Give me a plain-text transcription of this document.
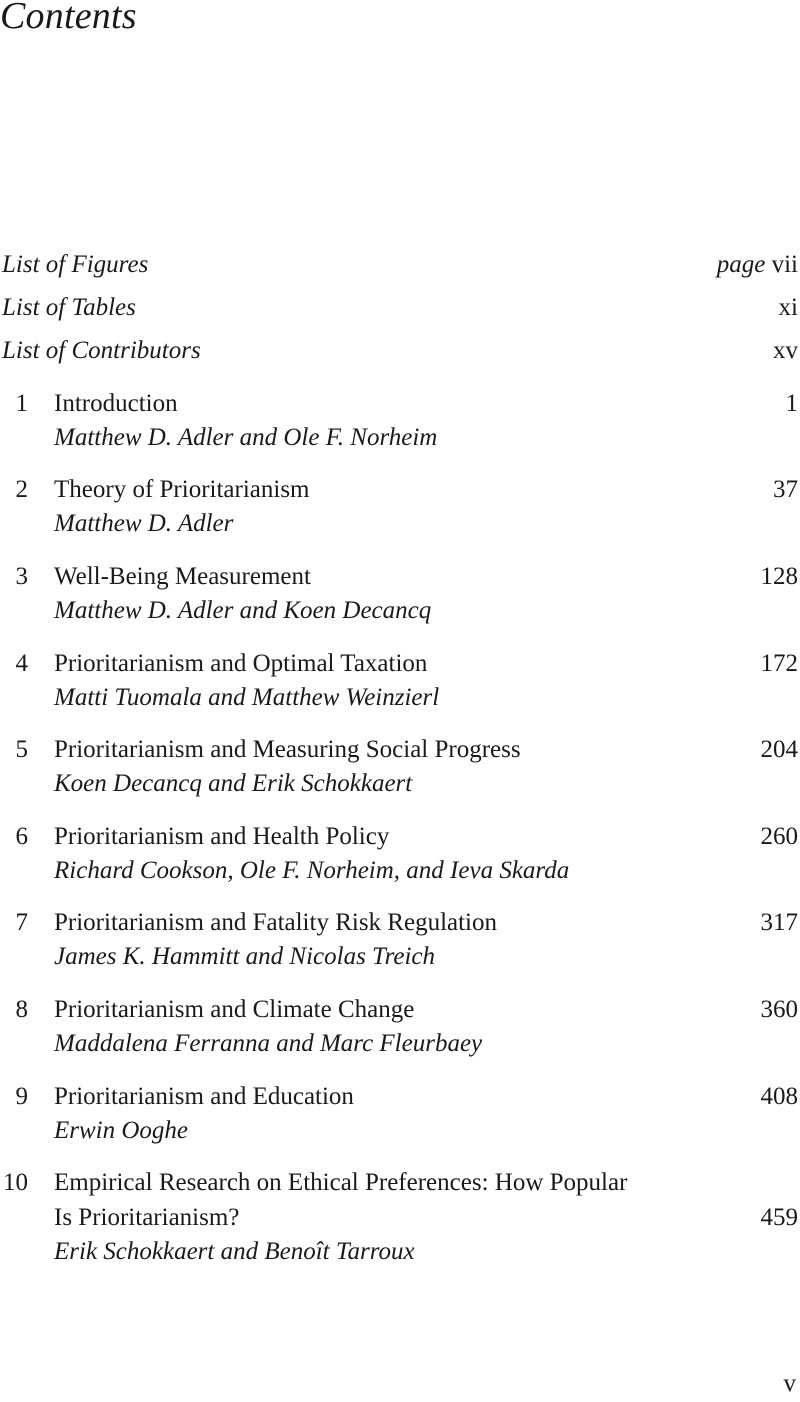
Contents
List of Figures	page vii
List of Tables	xi
List of Contributors	xv
1 Introduction	1
Matthew D. Adler and Ole F. Norheim
2 Theory of Prioritarianism	37
Matthew D. Adler
3 Well-Being Measurement	128
Matthew D. Adler and Koen Decancq
4 Prioritarianism and Optimal Taxation	172
Matti Tuomala and Matthew Weinzierl
5 Prioritarianism and Measuring Social Progress	204
Koen Decancq and Erik Schokkaert
6 Prioritarianism and Health Policy	260
Richard Cookson, Ole F. Norheim, and Ieva Skarda
7 Prioritarianism and Fatality Risk Regulation	317
James K. Hammitt and Nicolas Treich
8 Prioritarianism and Climate Change	360
Maddalena Ferranna and Marc Fleurbaey
9 Prioritarianism and Education	408
Erwin Ooghe
10 Empirical Research on Ethical Preferences: How Popular
Is Prioritarianism?	459
Erik Schokkaert and Benoît Tarroux
v
